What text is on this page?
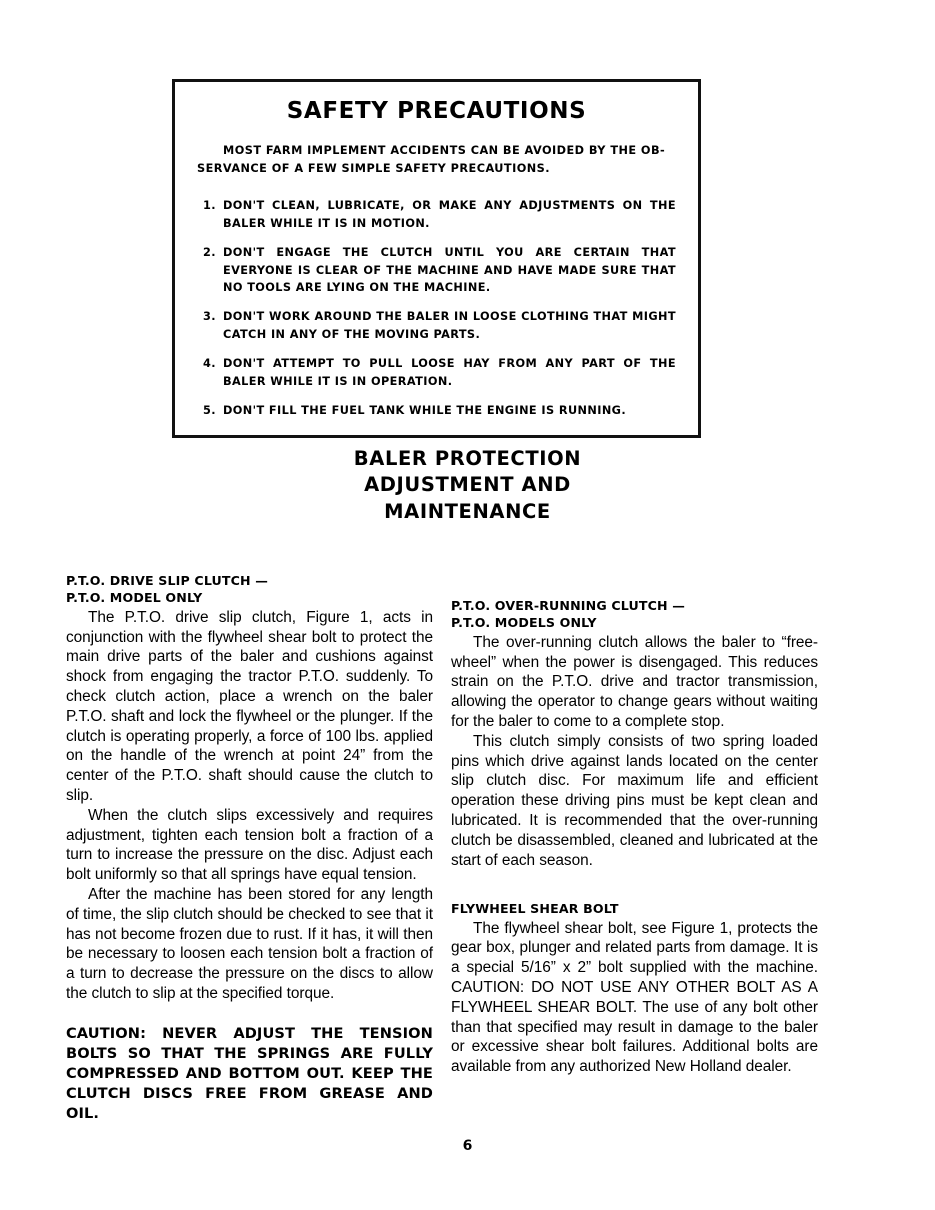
SAFETY PRECAUTIONS
MOST FARM IMPLEMENT ACCIDENTS CAN BE AVOIDED BY THE OB-
SERVANCE OF A FEW SIMPLE SAFETY PRECAUTIONS.
1. DON'T CLEAN, LUBRICATE, OR MAKE ANY ADJUSTMENTS ON THE BALER WHILE IT IS IN MOTION.
2. DON'T ENGAGE THE CLUTCH UNTIL YOU ARE CERTAIN THAT EVERYONE IS CLEAR OF THE MACHINE AND HAVE MADE SURE THAT NO TOOLS ARE LYING ON THE MACHINE.
3. DON'T WORK AROUND THE BALER IN LOOSE CLOTHING THAT MIGHT CATCH IN ANY OF THE MOVING PARTS.
4. DON'T ATTEMPT TO PULL LOOSE HAY FROM ANY PART OF THE BALER WHILE IT IS IN OPERATION.
5. DON'T FILL THE FUEL TANK WHILE THE ENGINE IS RUNNING.
BALER PROTECTION
ADJUSTMENT AND
MAINTENANCE
P.T.O. DRIVE SLIP CLUTCH —
P.T.O. MODEL ONLY

The P.T.O. drive slip clutch, Figure 1, acts in conjunction with the flywheel shear bolt to protect the main drive parts of the baler and cushions against shock from engaging the tractor P.T.O. suddenly. To check clutch action, place a wrench on the baler P.T.O. shaft and lock the flywheel or the plunger. If the clutch is operating properly, a force of 100 lbs. applied on the handle of the wrench at point 24” from the center of the P.T.O. shaft should cause the clutch to slip.

When the clutch slips excessively and requires adjustment, tighten each tension bolt a fraction of a turn to increase the pressure on the disc. Adjust each bolt uniformly so that all springs have equal tension.

After the machine has been stored for any length of time, the slip clutch should be checked to see that it has not become frozen due to rust. If it has, it will then be necessary to loosen each tension bolt a fraction of a turn to decrease the pressure on the discs to allow the clutch to slip at the specified torque.

CAUTION: NEVER ADJUST THE TENSION BOLTS SO THAT THE SPRINGS ARE FULLY COMPRESSED AND BOTTOM OUT. KEEP THE CLUTCH DISCS FREE FROM GREASE AND OIL.
P.T.O. OVER-RUNNING CLUTCH —
P.T.O. MODELS ONLY

The over-running clutch allows the baler to “free-wheel” when the power is disengaged. This reduces strain on the P.T.O. drive and tractor transmission, allowing the operator to change gears without waiting for the baler to come to a complete stop.

This clutch simply consists of two spring loaded pins which drive against lands located on the center slip clutch disc. For maximum life and efficient operation these driving pins must be kept clean and lubricated. It is recommended that the over-running clutch be disassembled, cleaned and lubricated at the start of each season.

FLYWHEEL SHEAR BOLT

The flywheel shear bolt, see Figure 1, protects the gear box, plunger and related parts from damage. It is a special 5/16” x 2” bolt supplied with the machine. CAUTION: DO NOT USE ANY OTHER BOLT AS A FLYWHEEL SHEAR BOLT. The use of any bolt other than that specified may result in damage to the baler or excessive shear bolt failures. Additional bolts are available from any authorized New Holland dealer.

6
